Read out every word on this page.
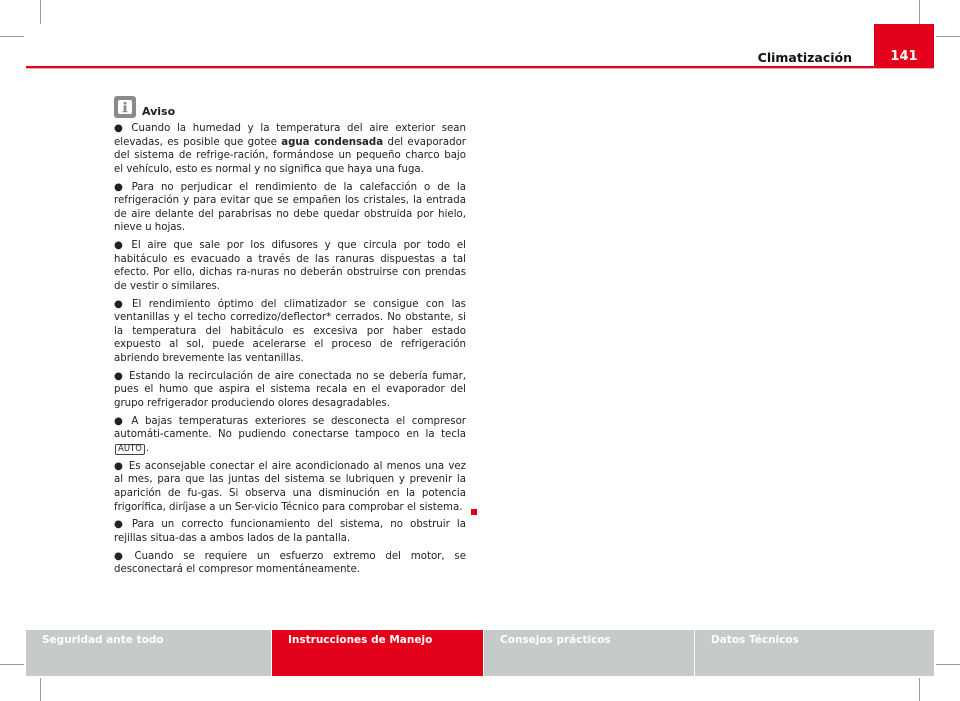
141
Climatización
Aviso

● Cuando la humedad y la temperatura del aire exterior sean elevadas, es posible que gotee agua condensada del evaporador del sistema de refrige-ración, formándose un pequeño charco bajo el vehículo, esto es normal y no significa que haya una fuga.

● Para no perjudicar el rendimiento de la calefacción o de la refrigeración y para evitar que se empañen los cristales, la entrada de aire delante del parabrisas no debe quedar obstruida por hielo, nieve u hojas.

● El aire que sale por los difusores y que circula por todo el habitáculo es evacuado a través de las ranuras dispuestas a tal efecto. Por ello, dichas ra-nuras no deberán obstruirse con prendas de vestir o similares.

● El rendimiento óptimo del climatizador se consigue con las ventanillas y el techo corredizo/deflector* cerrados. No obstante, si la temperatura del habitáculo es excesiva por haber estado expuesto al sol, puede acelerarse el proceso de refrigeración abriendo brevemente las ventanillas.

● Estando la recirculación de aire conectada no se debería fumar, pues el humo que aspira el sistema recala en el evaporador del grupo refrigerador produciendo olores desagradables.

● A bajas temperaturas exteriores se desconecta el compresor automáti-camente. No pudiendo conectarse tampoco en la tecla AUTO .

● Es aconsejable conectar el aire acondicionado al menos una vez al mes, para que las juntas del sistema se lubriquen y prevenir la aparición de fu-gas. Si observa una disminución en la potencia frigorífica, diríjase a un Ser-vicio Técnico para comprobar el sistema.

● Para un correcto funcionamiento del sistema, no obstruir la rejillas situa-das a ambos lados de la pantalla.

● Cuando se requiere un esfuerzo extremo del motor, se desconectará el compresor momentáneamente.

Seguridad ante todo	Instrucciones de Manejo	Consejos prácticos	Datos Técnicos
